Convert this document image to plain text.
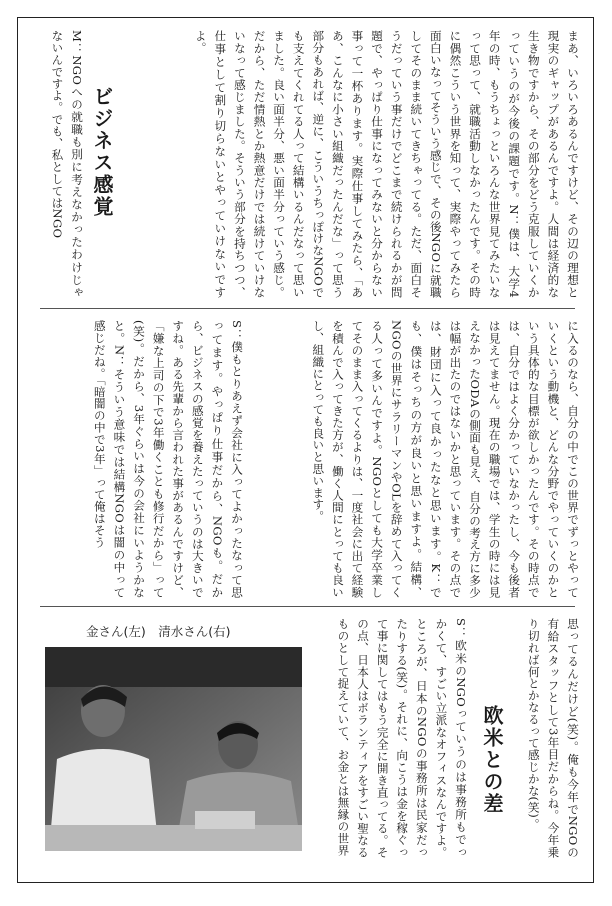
まあ、いろいろあるんですけど、その辺の理想と現実のギャップがあるんですよ。人間は経済的な生き物ですから、その部分をどう克服していくかっていうのが今後の課題です。N：僕は、大学4年の時、もうちょっといろんな世界見てみたいなって思って、就職活動しなかったんです。その時に偶然こういう世界を知って、実際やってみたら面白いなってそういう感じで、その後NGOに就職してそのまま続いてきちゃってる。ただ、面白そうだっていう事だけでどこまで続けられるかが問題で、やっぱり仕事になってみないと分からない事って一杯あります。実際仕事してみたら、「ああ、こんなに小さい組織だったんだな」って思う部分もあれば、逆に、こういうちっぽけなNGOでも支えてくれてる人って結構いるんだなって思いました。良い面半分、悪い面半分っていう感じ。だから、ただ情熱とか熱意だけでは続けていけないなって感じました。そういう部分を持ちつつ、仕事として割り切らないとやっていけないですよ。

ビジネス感覚

M：NGOへの就職も別に考えなかったわけじゃないんですよ。でも、私としてはNGO

に入るのなら、自分の中でこの世界でずっとやっていくという動機と、どんな分野でやっていくのかという具体的な目標が欲しかったんです。その時点では、自分ではよく分かっていなかったし、今も後者は見えてません。現在の職場では、学生の時には見えなかったODAの側面も見え、自分の考え方に多少は幅が出たのではないかと思っています。その点では、財団に入って良かったなと思います。K：でも、僕はそっちの方が良いと思いますよ。結構、NGOの世界にサラリーマンやOLを辞めて入ってくる人って多いんですよ。NGOとしても大学卒業してそのまま入ってくるよりは、一度社会に出て経験を積んで入ってきた方が、働く人間にとっても良いし、組織にとっても良いと思います。

S：僕もとりあえず会社に入ってよかったなって思ってます。やっぱり仕事だから、NGOも。だから、ビジネスの感覚を養えたっていうのは大きいですね。ある先輩から言われた事があるんですけど、「嫌な上司の下で3年働くことも修行だから」って(笑)。だから、3年ぐらいは今の会社にいようかなと。N：そういう意味では結構NGOは闇の中って感じだね。「暗闇の中で3年」って俺はそう

思ってるんだけど(笑)。俺も今年でNGOの有給スタッフとして3年目だからね。今年乗り切れば何とかなるって感じかな(笑)。

欧米との差

S：欧米のNGOっていうのは事務所もでっかくて、すごい立派なオフィスなんですよ。ところが、日本のNGOの事務所は民家だったりする(笑)。それに、向こうは金を稼ぐって事に関してはもう完全に開き直ってる。その点、日本人はボランティアをすごい聖なるものとして捉えていて、お金とは無縁の世界

金さん(左)　清水さん(右)
